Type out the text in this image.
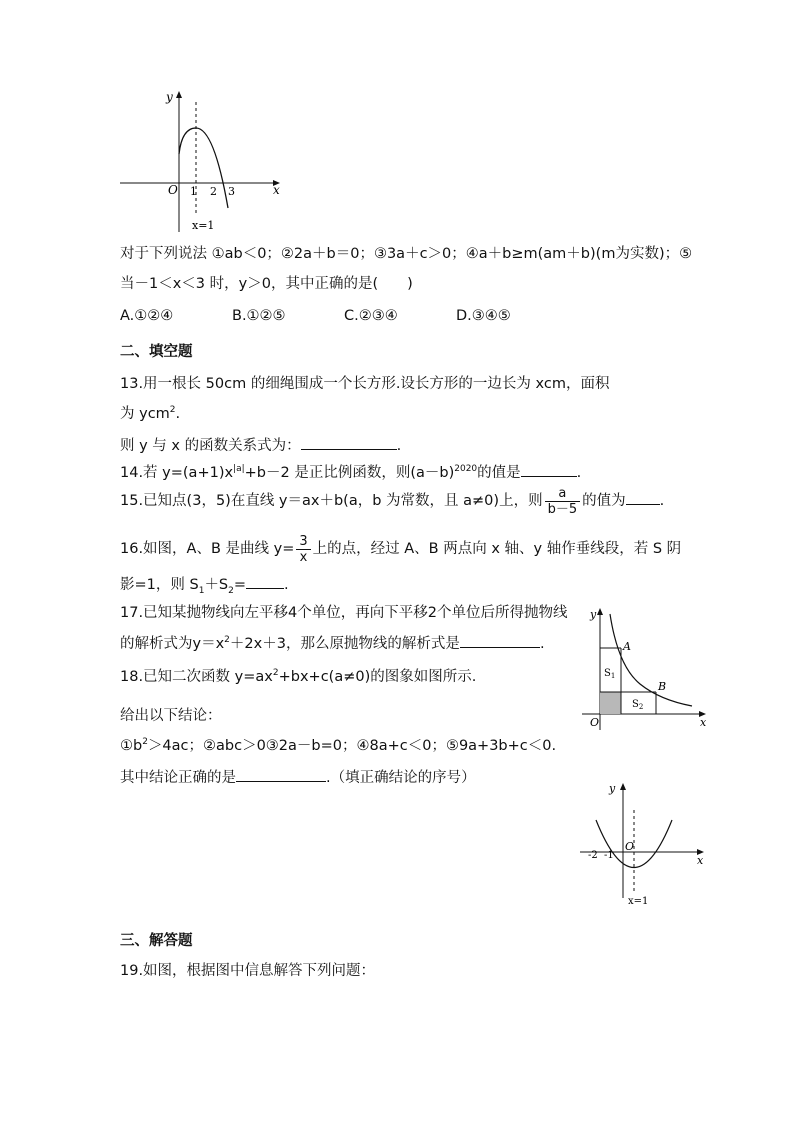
y
x
O 1 2 3
x=1
对于下列说法 ①ab＜0；②2a＋b＝0；③3a＋c＞0；④a＋b≥m(am＋b)(m为实数)；⑤
当－1＜x＜3 时，y＞0，其中正确的是(　　)
A.①②④	B.①②⑤	C.②③④	D.③④⑤
二、填空题
13.用一根长 50cm 的细绳围成一个长方形.设长方形的一边长为 xcm，面积
为 ycm$^2$.
则 y 与 x 的函数关系式为：	.
14.若 $y=(a+1)x^{|a|}+b-2$ 是正比例函数，则$(a-b)^{2020}$的值是	.
15.已知点(3，5)在直线 y＝ax＋b(a，b 为常数，且 a≠0)上，则 $\frac{a}{b-5}$ 的值为 .
16.如图，A、B 是曲线 $y= \frac{3}{x}$ 上的点，经过 A、B 两点向 x 轴、y 轴作垂线段，若 S 阴
影=1，则 $S_1+S_2=$	.
17.已知某抛物线向左平移4个单位，再向下平移2个单位后所得抛物线
的解析式为$y=x^2+2x+3$，那么原抛物线的解析式是	.
y
x
O
A
B
$S_1$
$S_2$
18.已知二次函数 $y=ax^2+bx+c(a\ne 0)$的图象如图所示.
给出以下结论：
$①b^2>4ac$；②abc＞0③2a－b=0；④8a+c＜0；⑤9a+3b+c＜0.
其中结论正确的是	.（填正确结论的序号）
y
x
O
-2 -1
x=1
三、解答题
19.如图，根据图中信息解答下列问题：
